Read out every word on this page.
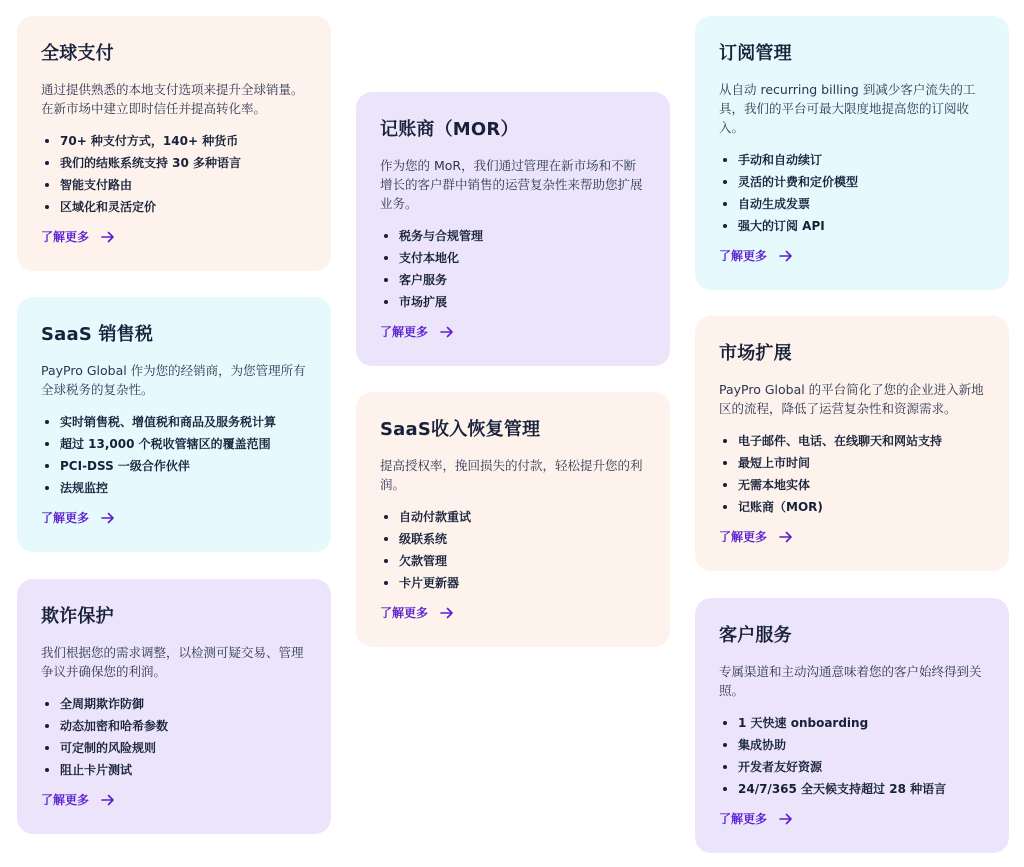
全球支付

通过提供熟悉的本地支付选项来提升全球销量。在新市场中建立即时信任并提高转化率。

70+ 种支付方式，140+ 种货币
我们的结账系统支持 30 多种语言
智能支付路由
区域化和灵活定价
了解更多
SaaS 销售税

PayPro Global 作为您的经销商，为您管理所有全球税务的复杂性。

实时销售税、增值税和商品及服务税计算
超过 13,000 个税收管辖区的覆盖范围
PCI-DSS 一级合作伙伴
法规监控
了解更多
欺诈保护

我们根据您的需求调整，以检测可疑交易、管理争议并确保您的利润。

全周期欺诈防御
动态加密和哈希参数
可定制的风险规则
阻止卡片测试
了解更多
记账商（MOR）

作为您的 MoR，我们通过管理在新市场和不断增长的客户群中销售的运营复杂性来帮助您扩展业务。

税务与合规管理
支付本地化
客户服务
市场扩展
了解更多
SaaS收入恢复管理

提高授权率，挽回损失的付款，轻松提升您的利润。

自动付款重试
级联系统
欠款管理
卡片更新器
了解更多
订阅管理

从自动 recurring billing 到减少客户流失的工具，我们的平台可最大限度地提高您的订阅收入。

手动和自动续订
灵活的计费和定价模型
自动生成发票
强大的订阅 API
了解更多
市场扩展

PayPro Global 的平台简化了您的企业进入新地区的流程，降低了运营复杂性和资源需求。

电子邮件、电话、在线聊天和网站支持
最短上市时间
无需本地实体
记账商（MOR)
了解更多
客户服务

专属渠道和主动沟通意味着您的客户始终得到关照。

1 天快速 onboarding
集成协助
开发者友好资源
24/7/365 全天候支持超过 28 种语言
了解更多
